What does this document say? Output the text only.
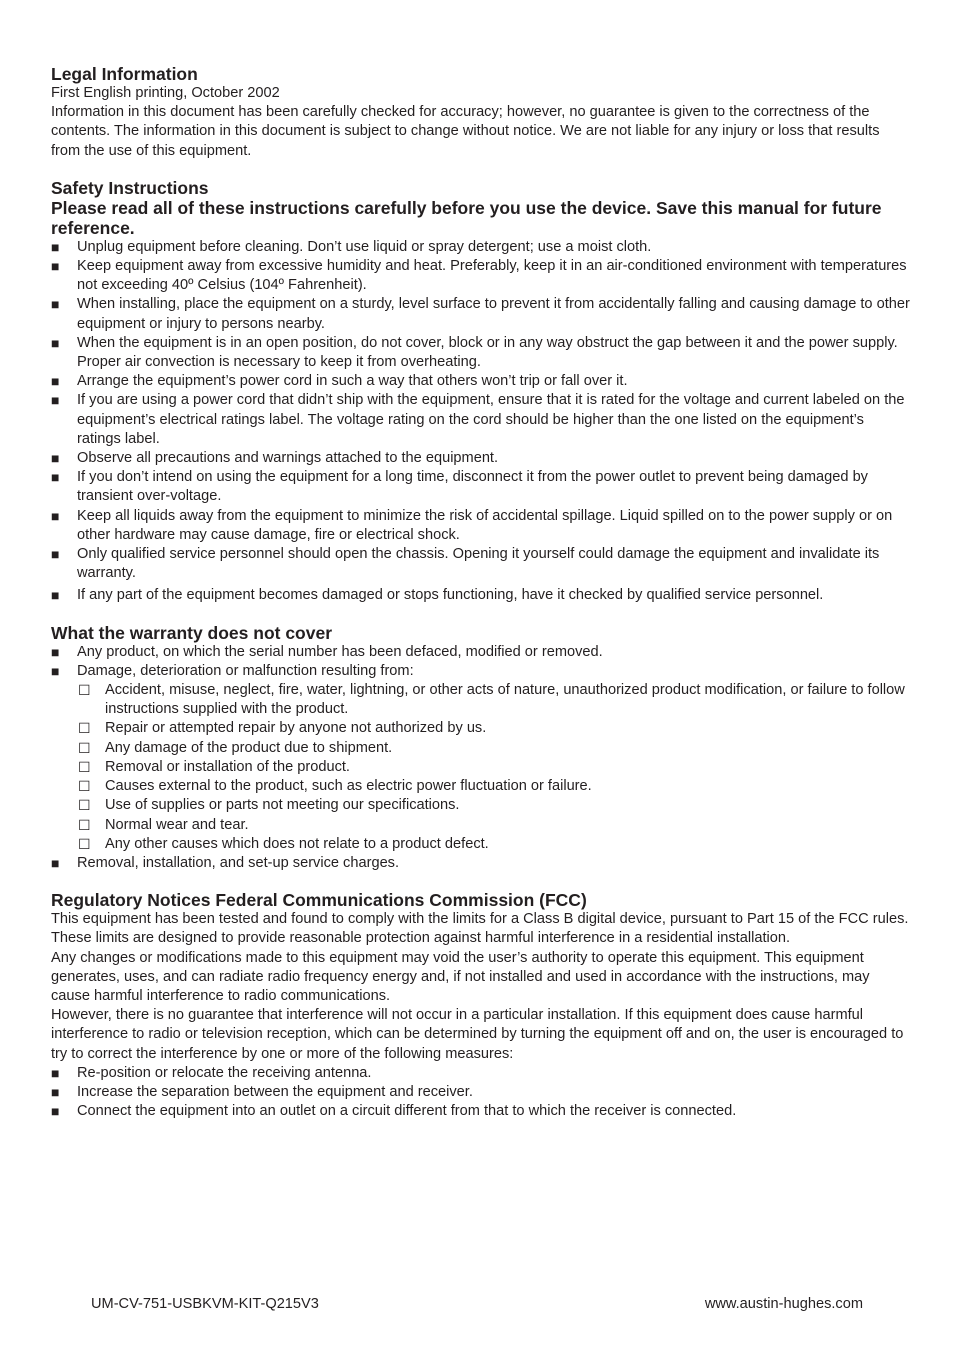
Legal Information

First English printing, October 2002

Information in this document has been carefully checked for accuracy; however, no guarantee is given to the correctness of the contents. The information in this document is subject to change without notice. We are not liable for any injury or loss that results from the use of this equipment.

Safety Instructions
Please read all of these instructions carefully before you use the device. Save this manual for future reference.
■	Unplug equipment before cleaning. Don’t use liquid or spray detergent; use a moist cloth.
■	Keep equipment away from excessive humidity and heat. Preferably, keep it in an air-conditioned environment with temperatures not exceeding 40º Celsius (104º Fahrenheit).
■	When installing, place the equipment on a sturdy, level surface to prevent it from accidentally falling and causing damage to other equipment or injury to persons nearby.
■	When the equipment is in an open position, do not cover, block or in any way obstruct the gap between it and the power supply. Proper air convection is necessary to keep it from overheating.
■	Arrange the equipment’s power cord in such a way that others won’t trip or fall over it.
■	If you are using a power cord that didn’t ship with the equipment, ensure that it is rated for the voltage and current labeled on the equipment’s electrical ratings label. The voltage rating on the cord should be higher than the one listed on the equipment’s ratings label.
■	Observe all precautions and warnings attached to the equipment.
■	If you don’t intend on using the equipment for a long time, disconnect it from the power outlet to prevent being damaged by transient over-voltage.
■	Keep all liquids away from the equipment to minimize the risk of accidental spillage. Liquid spilled on to the power supply or on other hardware may cause damage, fire or electrical shock.
■	Only qualified service personnel should open the chassis. Opening it yourself could damage the equipment and invalidate its warranty.
■	If any part of the equipment becomes damaged or stops functioning, have it checked by qualified service personnel.
What the warranty does not cover
■	Any product, on which the serial number has been defaced, modified or removed.
■	Damage, deterioration or malfunction resulting from:
☐ Accident, misuse, neglect, fire, water, lightning, or other acts of nature, unauthorized product modification, or failure to follow instructions supplied with the product.
☐ Repair or attempted repair by anyone not authorized by us.
☐ Any damage of the product due to shipment.
☐ Removal or installation of the product.
☐ Causes external to the product, such as electric power fluctuation or failure.
☐ Use of supplies or parts not meeting our specifications.
☐ Normal wear and tear.
☐ Any other causes which does not relate to a product defect.
■	Removal, installation, and set-up service charges.
Regulatory Notices Federal Communications Commission (FCC)

This equipment has been tested and found to comply with the limits for a Class B digital device, pursuant to Part 15 of the FCC rules. These limits are designed to provide reasonable protection against harmful interference in a residential installation.

Any changes or modifications made to this equipment may void the user’s authority to operate this equipment. This equipment generates, uses, and can radiate radio frequency energy and, if not installed and used in accordance with the instructions, may cause harmful interference to radio communications.

However, there is no guarantee that interference will not occur in a particular installation. If this equipment does cause harmful interference to radio or television reception, which can be determined by turning the equipment off and on, the user is encouraged to try to correct the interference by one or more of the following measures:

■	Re-position or relocate the receiving antenna.
■	Increase the separation between the equipment and receiver.
■	Connect the equipment into an outlet on a circuit different from that to which the receiver is connected.
UM-CV-751-USBKVM-KIT-Q215V3	www.austin-hughes.com
